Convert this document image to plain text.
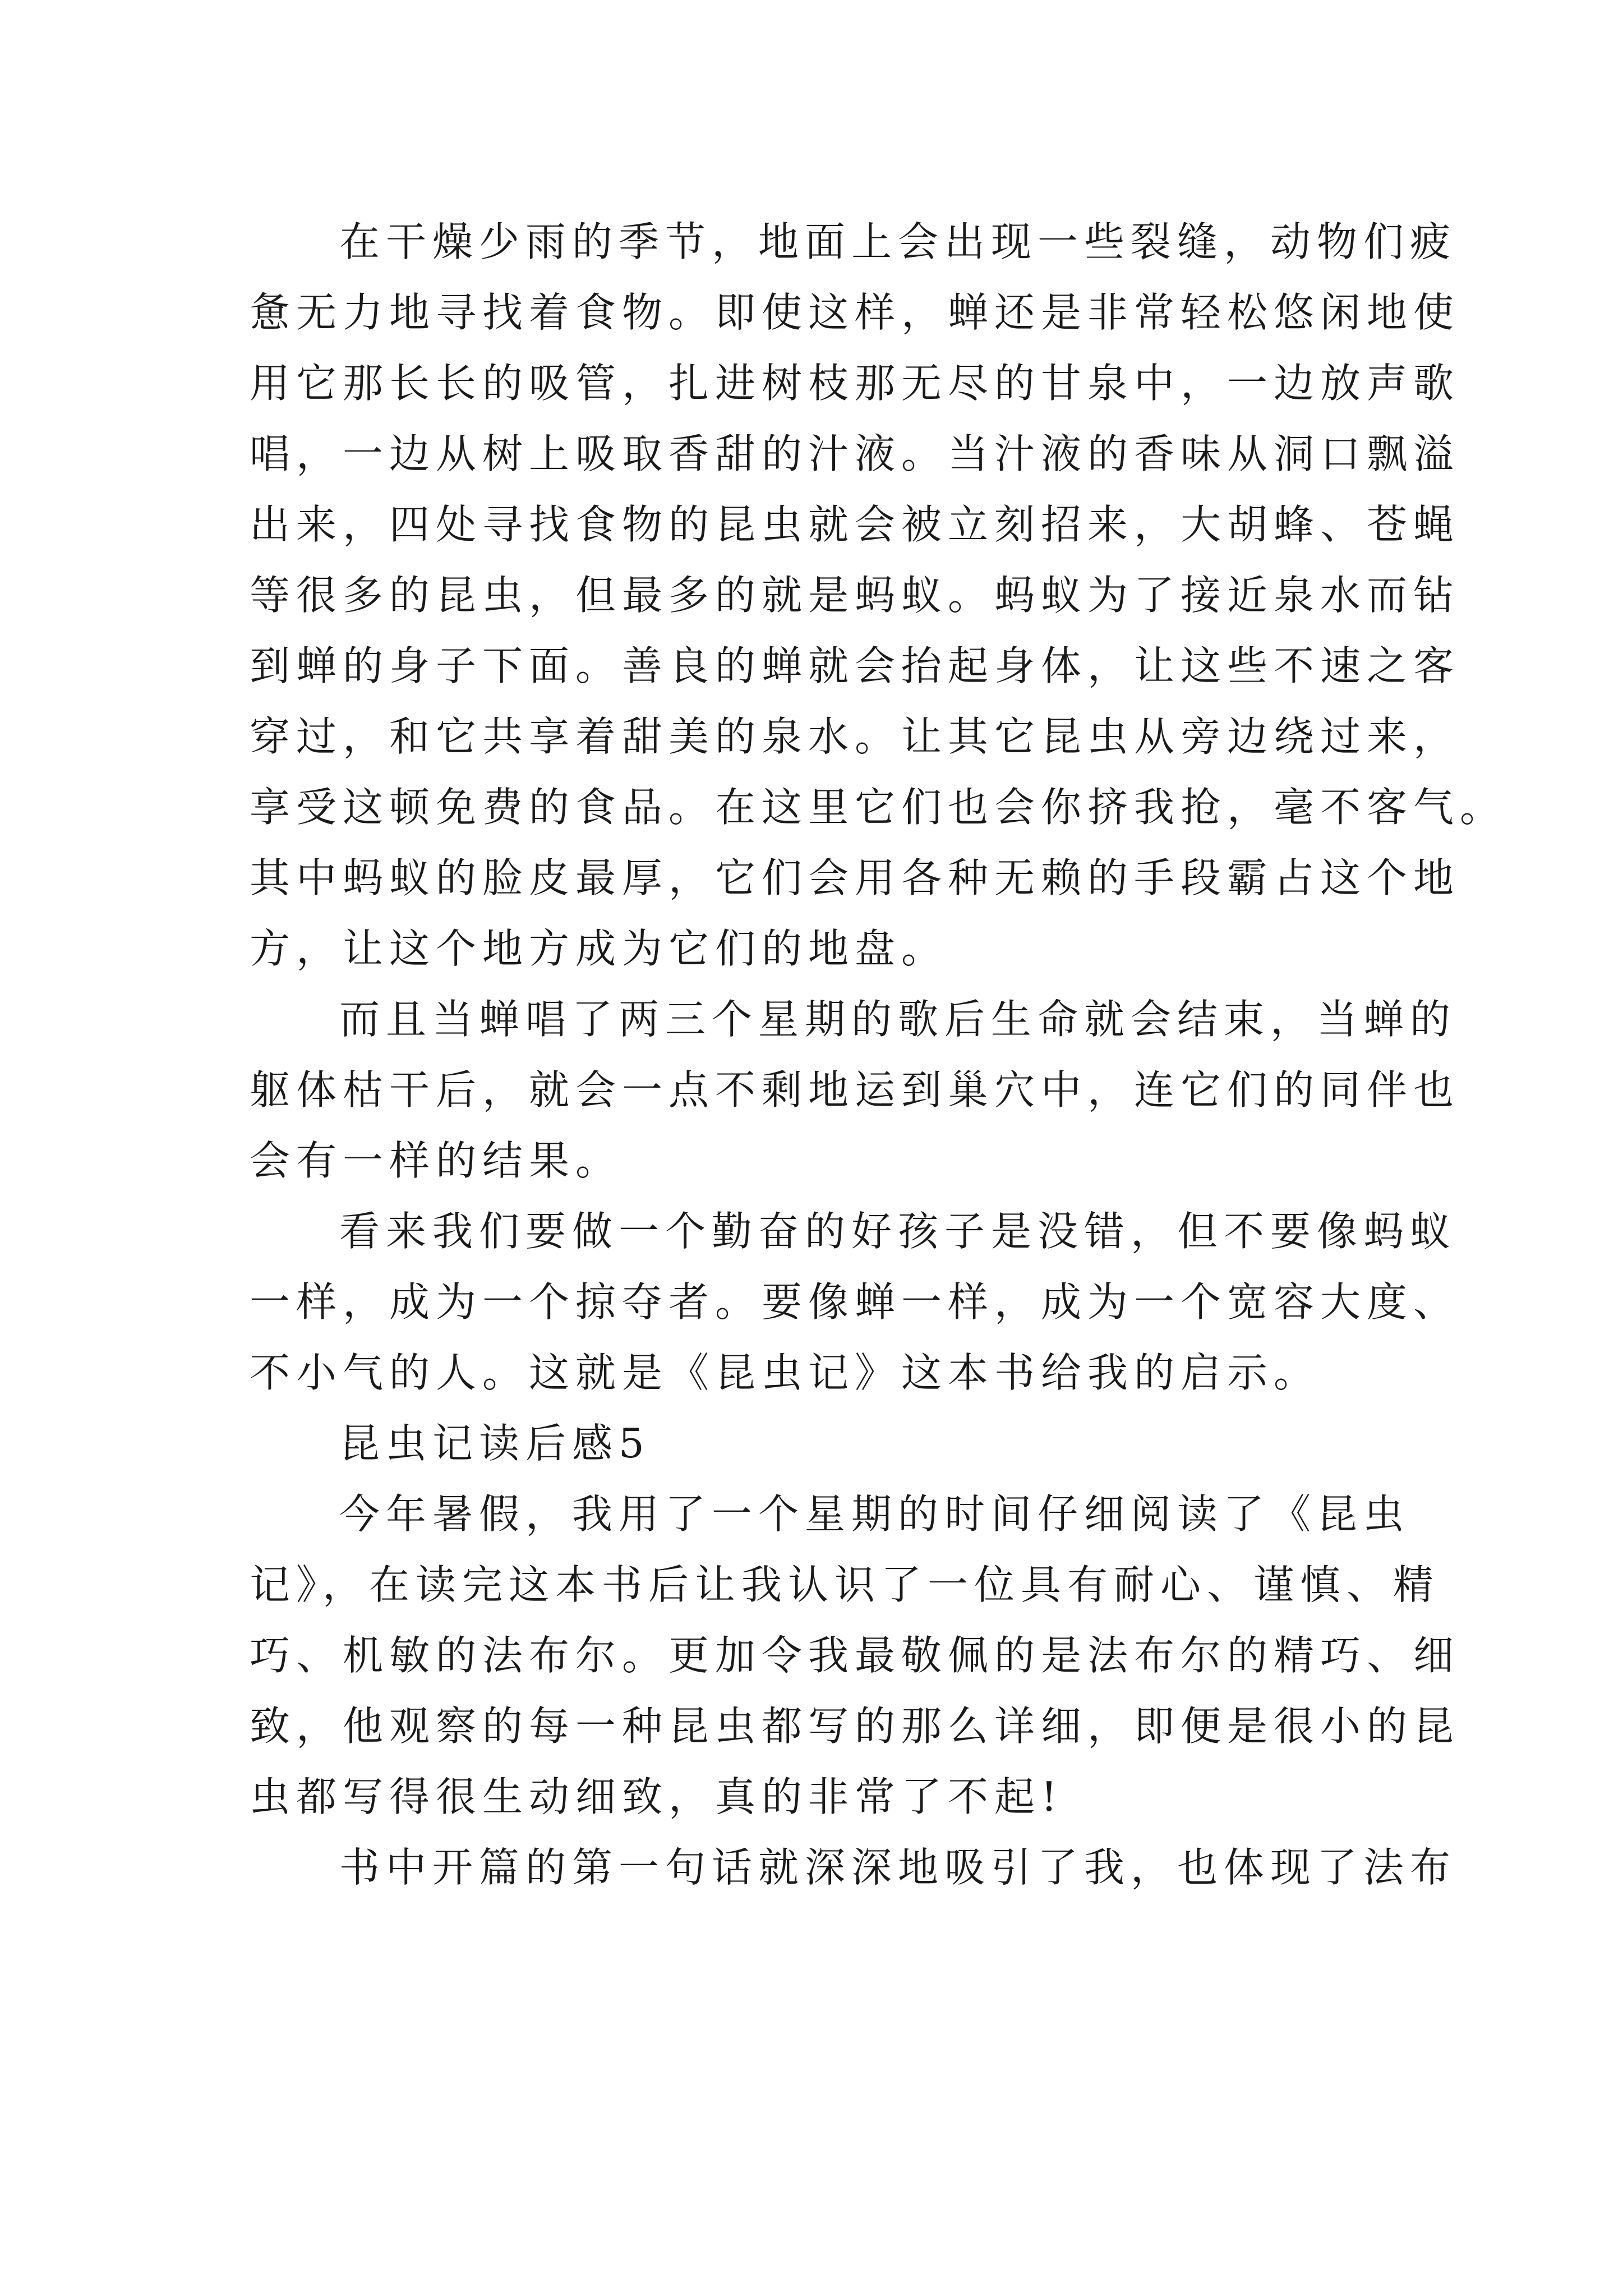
在干燥少雨的季节，地面上会出现一些裂缝，动物们疲
惫无力地寻找着食物。即使这样，蝉还是非常轻松悠闲地使
用它那长长的吸管，扎进树枝那无尽的甘泉中，一边放声歌
唱，一边从树上吸取香甜的汁液。当汁液的香味从洞口飘溢
出来，四处寻找食物的昆虫就会被立刻招来，大胡蜂、苍蝇
等很多的昆虫，但最多的就是蚂蚁。蚂蚁为了接近泉水而钻
到蝉的身子下面。善良的蝉就会抬起身体，让这些不速之客
穿过，和它共享着甜美的泉水。让其它昆虫从旁边绕过来，
享受这顿免费的食品。在这里它们也会你挤我抢，毫不客气。
其中蚂蚁的脸皮最厚，它们会用各种无赖的手段霸占这个地
方，让这个地方成为它们的地盘。
而且当蝉唱了两三个星期的歌后生命就会结束，当蝉的
躯体枯干后，就会一点不剩地运到巢穴中，连它们的同伴也
会有一样的结果。
看来我们要做一个勤奋的好孩子是没错，但不要像蚂蚁
一样，成为一个掠夺者。要像蝉一样，成为一个宽容大度、
不小气的人。这就是《昆虫记》这本书给我的启示。
昆虫记读后感5
今年暑假，我用了一个星期的时间仔细阅读了《昆虫
记》，在读完这本书后让我认识了一位具有耐心、谨慎、精
巧、机敏的法布尔。更加令我最敬佩的是法布尔的精巧、细
致，他观察的每一种昆虫都写的那么详细，即便是很小的昆
虫都写得很生动细致，真的非常了不起!
书中开篇的第一句话就深深地吸引了我，也体现了法布
